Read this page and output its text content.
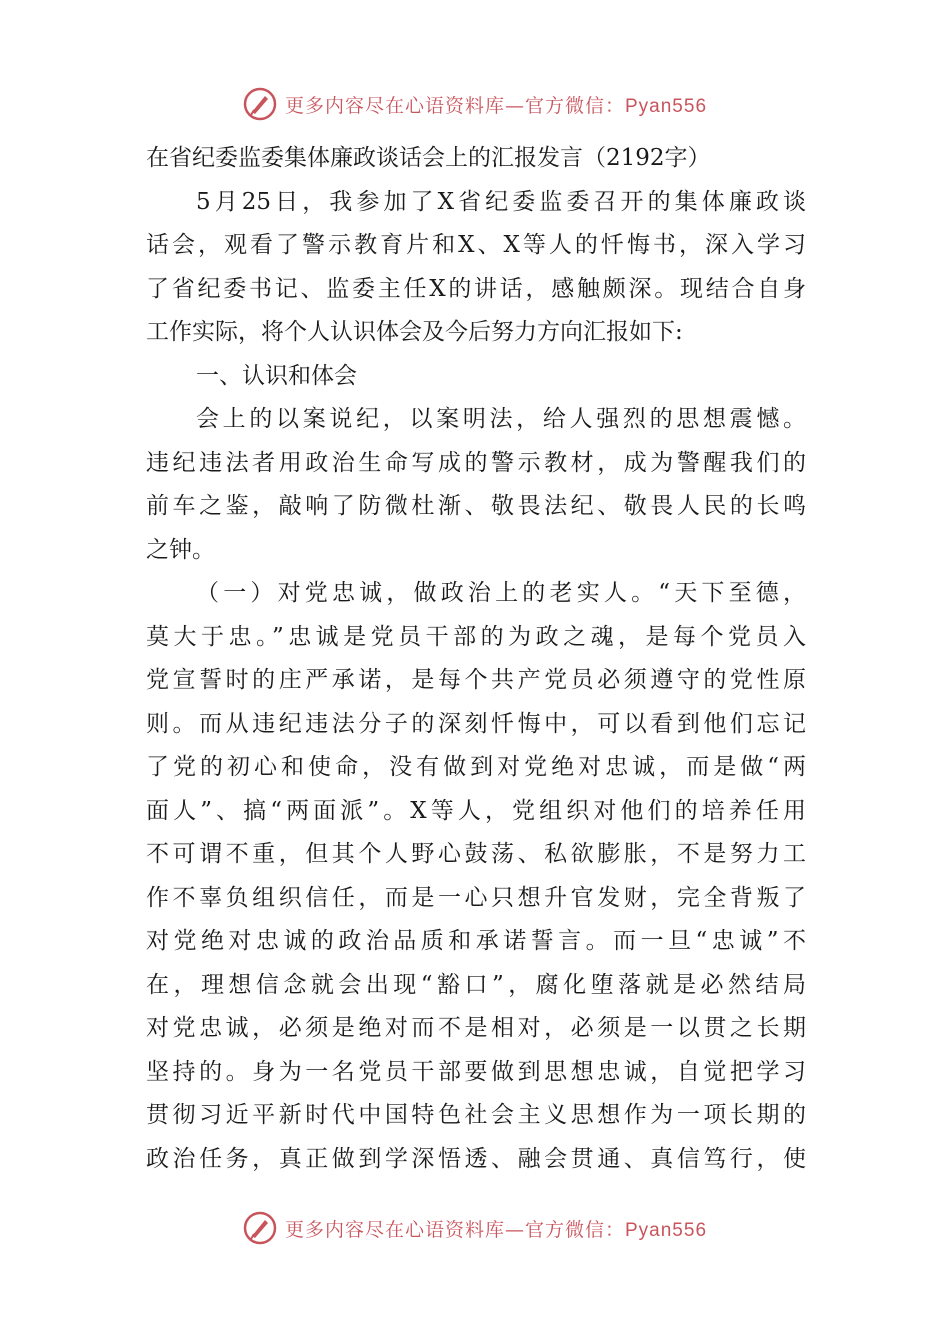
更多内容尽在心语资料库—官方微信：Pyan556
在省纪委监委集体廉政谈话会上的汇报发言（2192字）
5月25日，我参加了X省纪委监委召开的集体廉政谈
话会，观看了警示教育片和X、X等人的忏悔书，深入学习
了省纪委书记、监委主任X的讲话，感触颇深。现结合自身
工作实际，将个人认识体会及今后努力方向汇报如下:
一、认识和体会
会上的以案说纪，以案明法，给人强烈的思想震憾。
违纪违法者用政治生命写成的警示教材，成为警醒我们的
前车之鉴，敲响了防微杜渐、敬畏法纪、敬畏人民的长鸣
之钟。
（一）对党忠诚，做政治上的老实人。“天下至德，
莫大于忠。”忠诚是党员干部的为政之魂，是每个党员入
党宣誓时的庄严承诺，是每个共产党员必须遵守的党性原
则。而从违纪违法分子的深刻忏悔中，可以看到他们忘记
了党的初心和使命，没有做到对党绝对忠诚，而是做“两
面人”、搞“两面派”。X等人，党组织对他们的培养任用
不可谓不重，但其个人野心鼓荡、私欲膨胀，不是努力工
作不辜负组织信任，而是一心只想升官发财，完全背叛了
对党绝对忠诚的政治品质和承诺誓言。而一旦“忠诚”不
在，理想信念就会出现“豁口”，腐化堕落就是必然结局
对党忠诚，必须是绝对而不是相对，必须是一以贯之长期
坚持的。身为一名党员干部要做到思想忠诚，自觉把学习
贯彻习近平新时代中国特色社会主义思想作为一项长期的
政治任务，真正做到学深悟透、融会贯通、真信笃行，使
更多内容尽在心语资料库—官方微信：Pyan556
